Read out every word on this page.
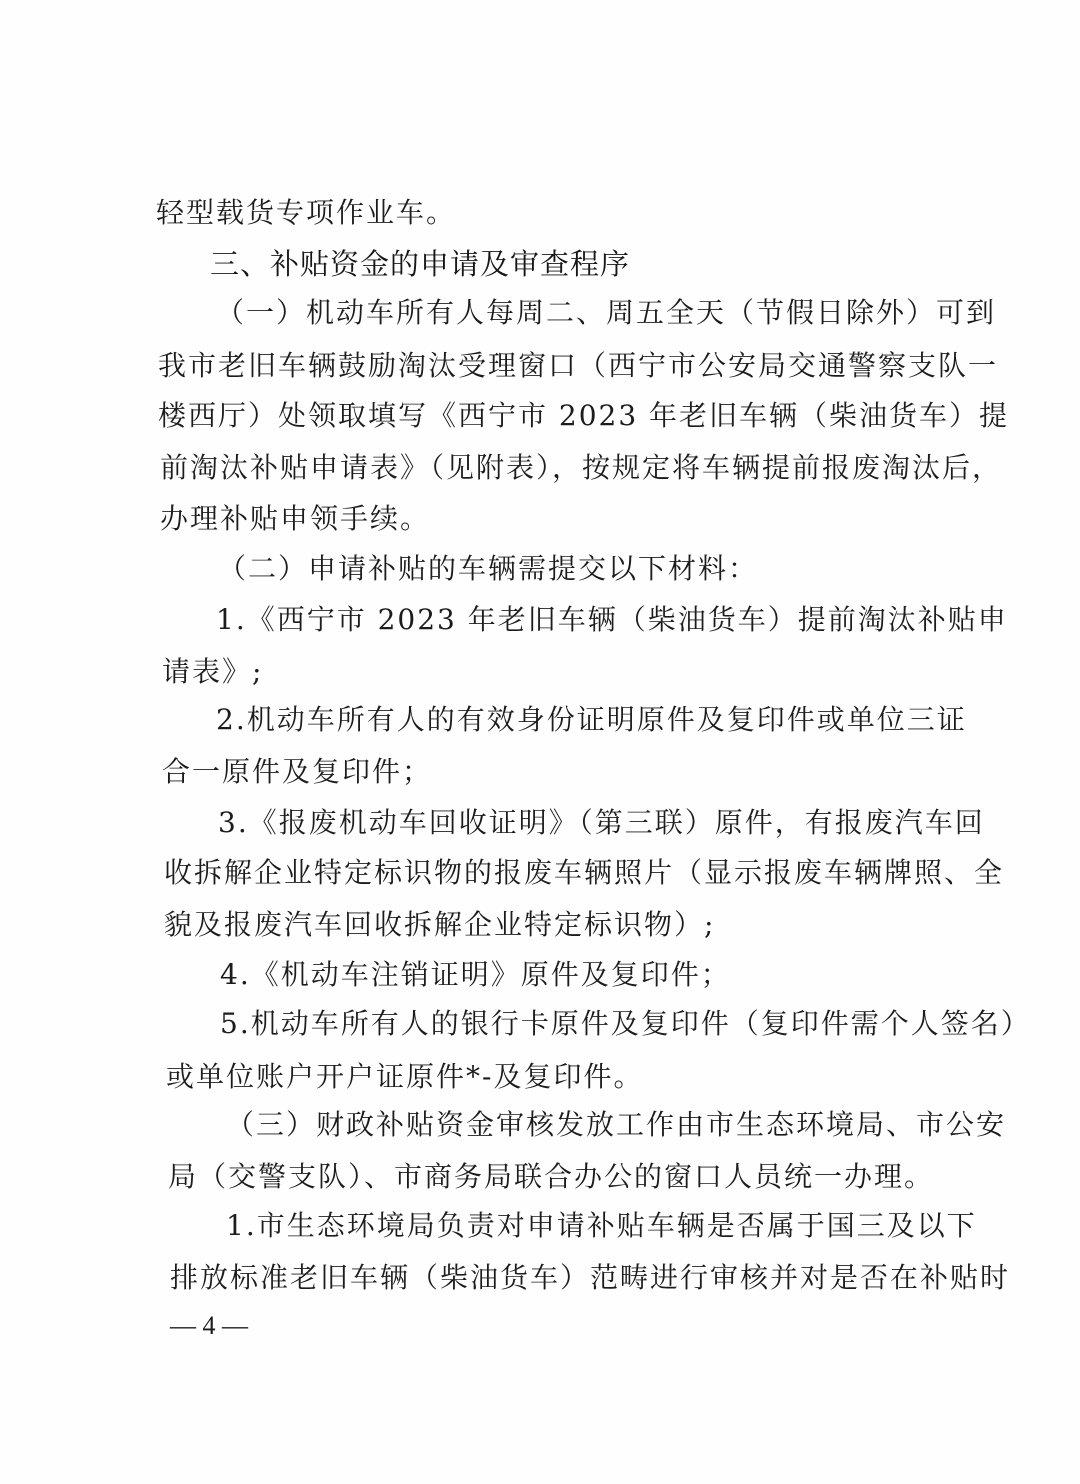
轻型载货专项作业车。
三、补贴资金的申请及审查程序
（一）机动车所有人每周二、周五全天（节假日除外）可到
我市老旧车辆鼓励淘汰受理窗口（西宁市公安局交通警察支队一
楼西厅）处领取填写《西宁市 2023 年老旧车辆（柴油货车）提
前淘汰补贴申请表》（见附表），按规定将车辆提前报废淘汰后，
办理补贴申领手续。
（二）申请补贴的车辆需提交以下材料：
1.《西宁市 2023 年老旧车辆（柴油货车）提前淘汰补贴申
请表》;
2.机动车所有人的有效身份证明原件及复印件或单位三证
合一原件及复印件；
3.《报废机动车回收证明》（第三联）原件，有报废汽车回
收拆解企业特定标识物的报废车辆照片（显示报废车辆牌照、全
貌及报废汽车回收拆解企业特定标识物）;
4.《机动车注销证明》原件及复印件；
5.机动车所有人的银行卡原件及复印件（复印件需个人签名）
或单位账户开户证原件*-及复印件。
（三）财政补贴资金审核发放工作由市生态环境局、市公安
局（交警支队）、市商务局联合办公的窗口人员统一办理。
1.市生态环境局负责对申请补贴车辆是否属于国三及以下
排放标准老旧车辆（柴油货车）范畴进行审核并对是否在补贴时
— 4 —
